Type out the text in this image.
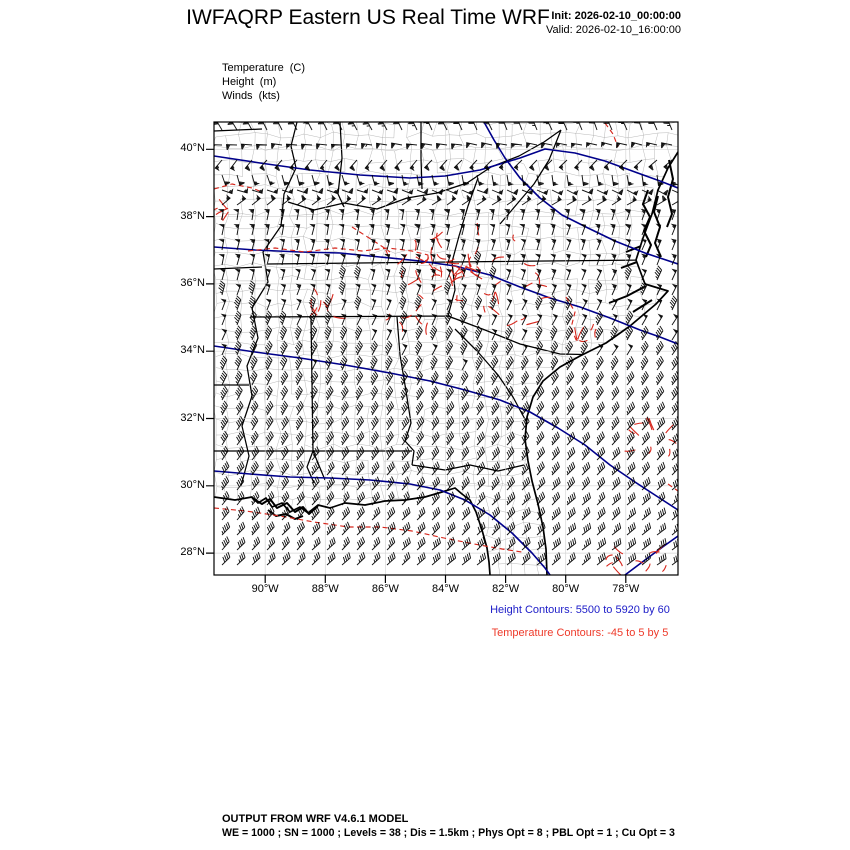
40°N
38°N
36°N
34°N
32°N
30°N
28°N
90°W	88°W	86°W	84°W	82°W	80°W	78°W
IWFAQRP Eastern US Real Time WRF Init: 2026-02-10_00:00:00
Valid: 2026-02-10_16:00:00
Temperature (C)
Height (m)
Winds (kts)
Height Contours: 5500 to 5920 by 60
Temperature Contours: -45 to 5 by 5
OUTPUT FROM WRF V4.6.1 MODEL
WE = 1000 ; SN = 1000 ; Levels = 38 ; Dis = 1.5km ; Phys Opt = 8 ; PBL Opt = 1 ; Cu Opt = 3
